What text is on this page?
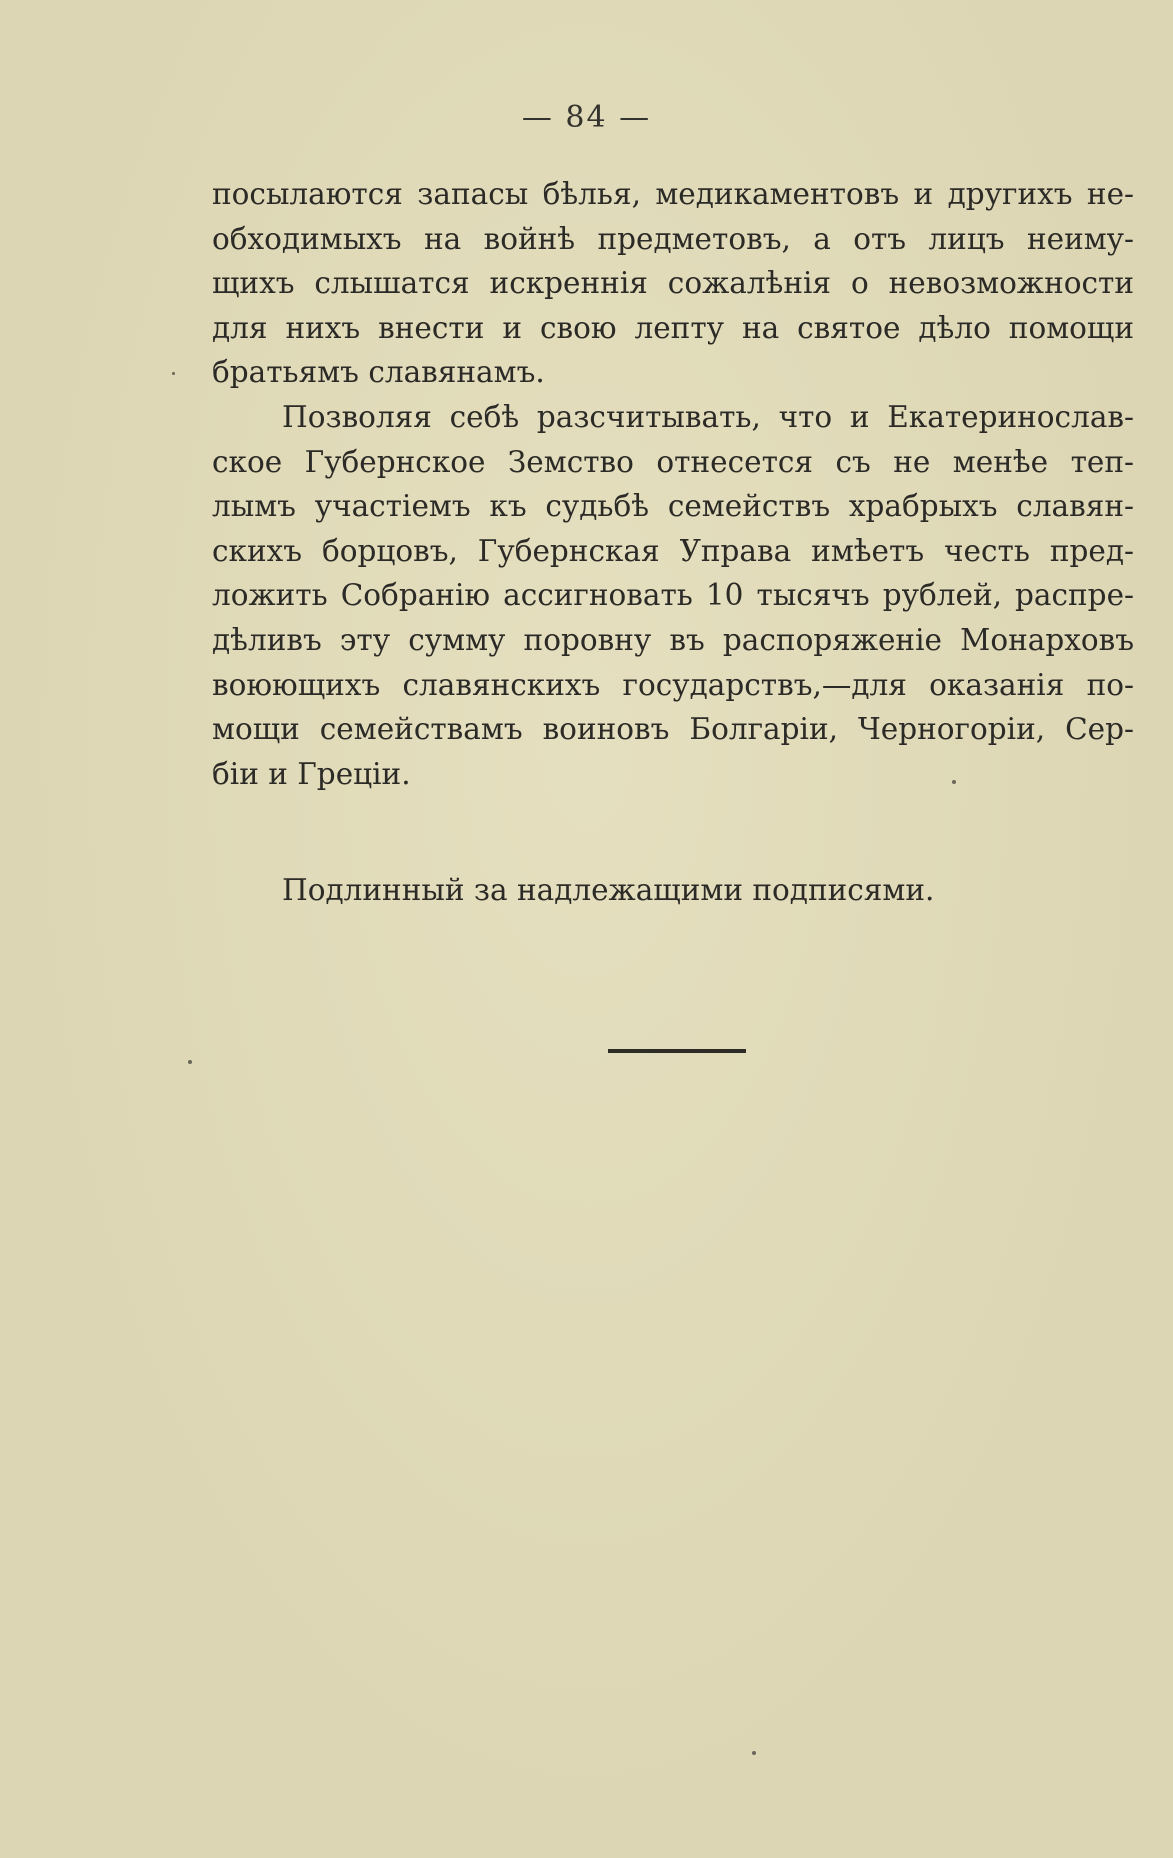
— 84 —
посылаются запасы бѣлья, медикаментовъ и другихъ не-
обходимыхъ на войнѣ предметовъ, а отъ лицъ неиму-
щихъ слышатся искреннія сожалѣнія о невозможности
для нихъ внести и свою лепту на святое дѣло помощи
братьямъ славянамъ.
Позволяя себѣ разсчитывать, что и Екатеринослав-
ское Губернское Земство отнесется съ не менѣе теп-
лымъ участіемъ къ судьбѣ семействъ храбрыхъ славян-
скихъ борцовъ, Губернская Управа имѣетъ честь пред-
ложить Собранію ассигновать 10 тысячъ рублей, распре-
дѣливъ эту сумму поровну въ распоряженіе Монарховъ
воюющихъ славянскихъ государствъ,—для оказанія по-
мощи семействамъ воиновъ Болгаріи, Черногоріи, Сер-
біи и Греціи.
Подлинный за надлежащими подписями.
